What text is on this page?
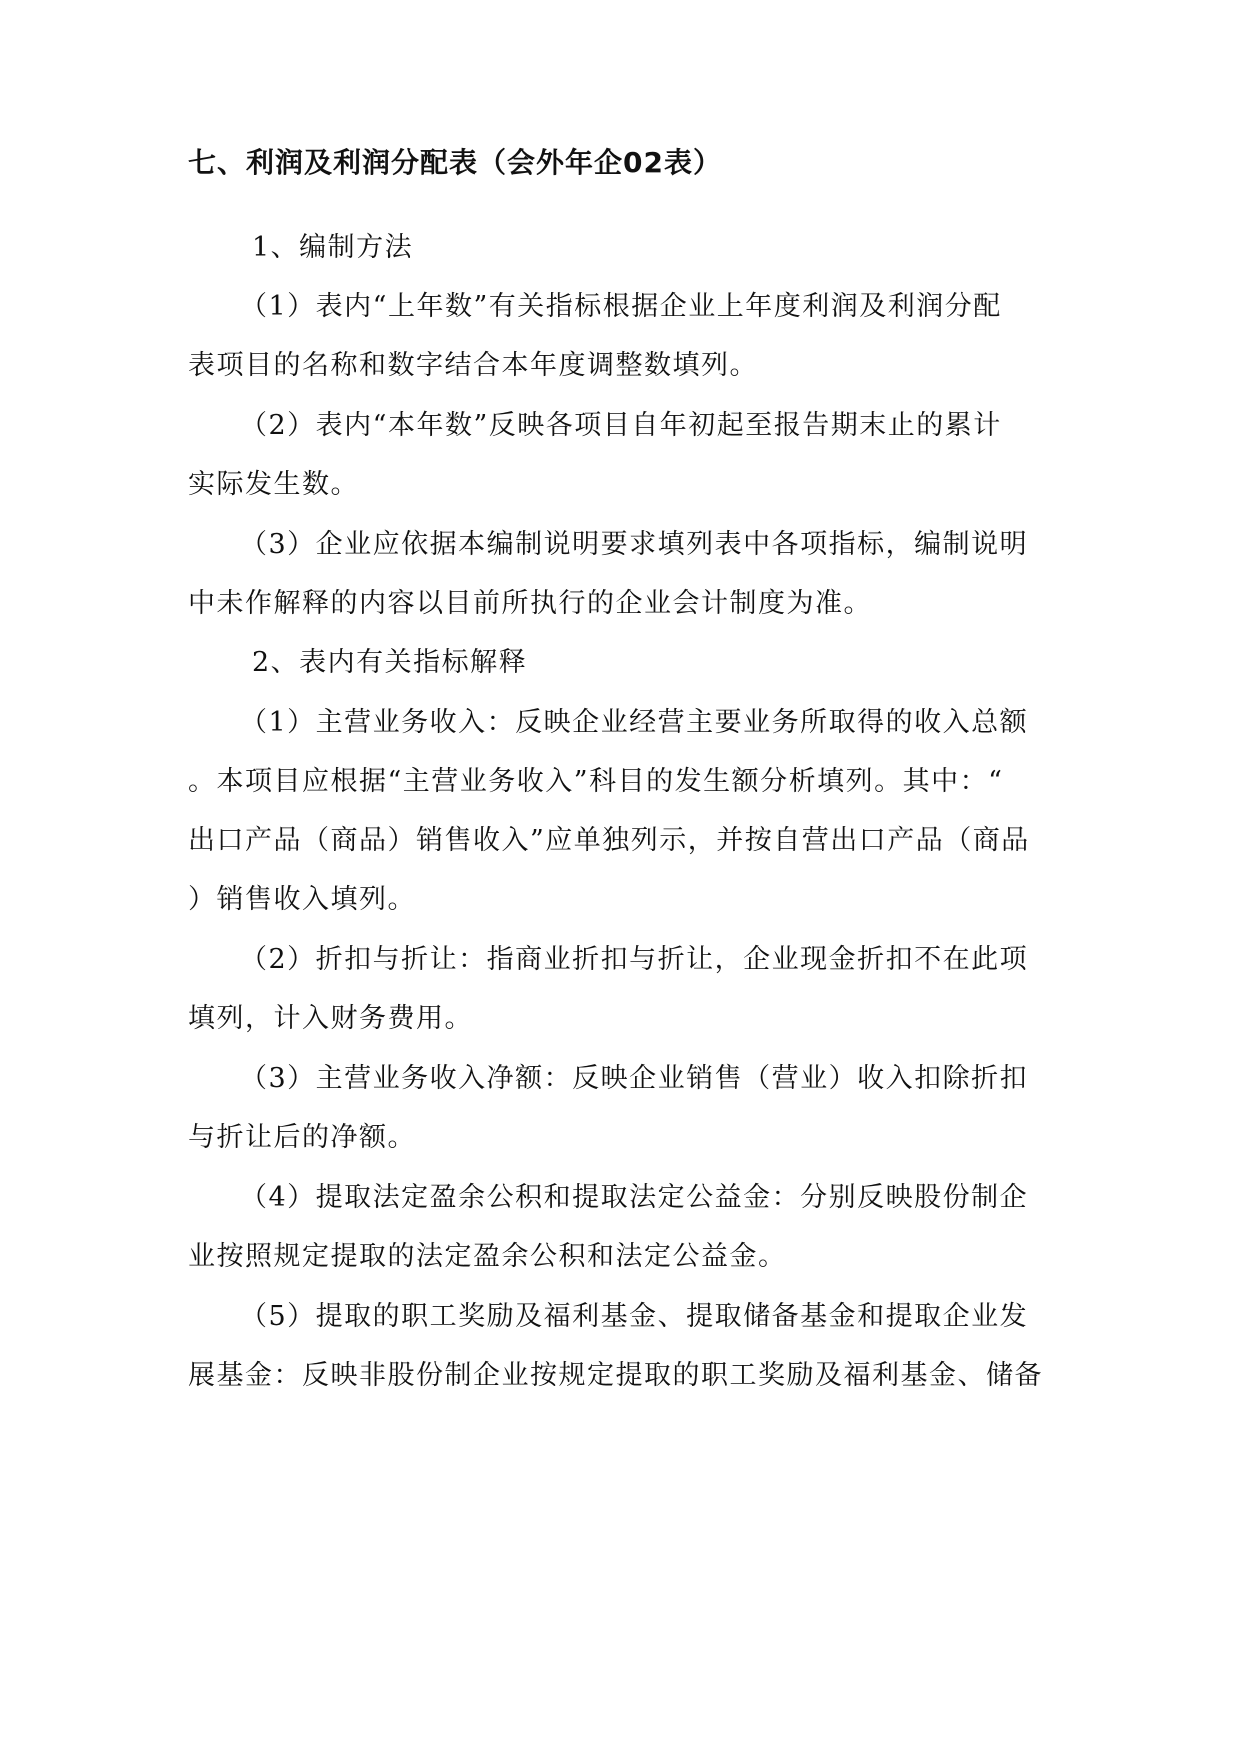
七、利润及利润分配表（会外年企02表）
1、编制方法
（1）表内“上年数”有关指标根据企业上年度利润及利润分配
表项目的名称和数字结合本年度调整数填列。
（2）表内“本年数”反映各项目自年初起至报告期末止的累计
实际发生数。
（3）企业应依据本编制说明要求填列表中各项指标，编制说明
中未作解释的内容以目前所执行的企业会计制度为准。
2、表内有关指标解释
（1）主营业务收入：反映企业经营主要业务所取得的收入总额
。本项目应根据“主营业务收入”科目的发生额分析填列。其中：“
出口产品（商品）销售收入”应单独列示，并按自营出口产品（商品
）销售收入填列。
（2）折扣与折让：指商业折扣与折让，企业现金折扣不在此项
填列，计入财务费用。
（3）主营业务收入净额：反映企业销售（营业）收入扣除折扣
与折让后的净额。
（4）提取法定盈余公积和提取法定公益金：分别反映股份制企
业按照规定提取的法定盈余公积和法定公益金。
（5）提取的职工奖励及福利基金、提取储备基金和提取企业发
展基金：反映非股份制企业按规定提取的职工奖励及福利基金、储备
